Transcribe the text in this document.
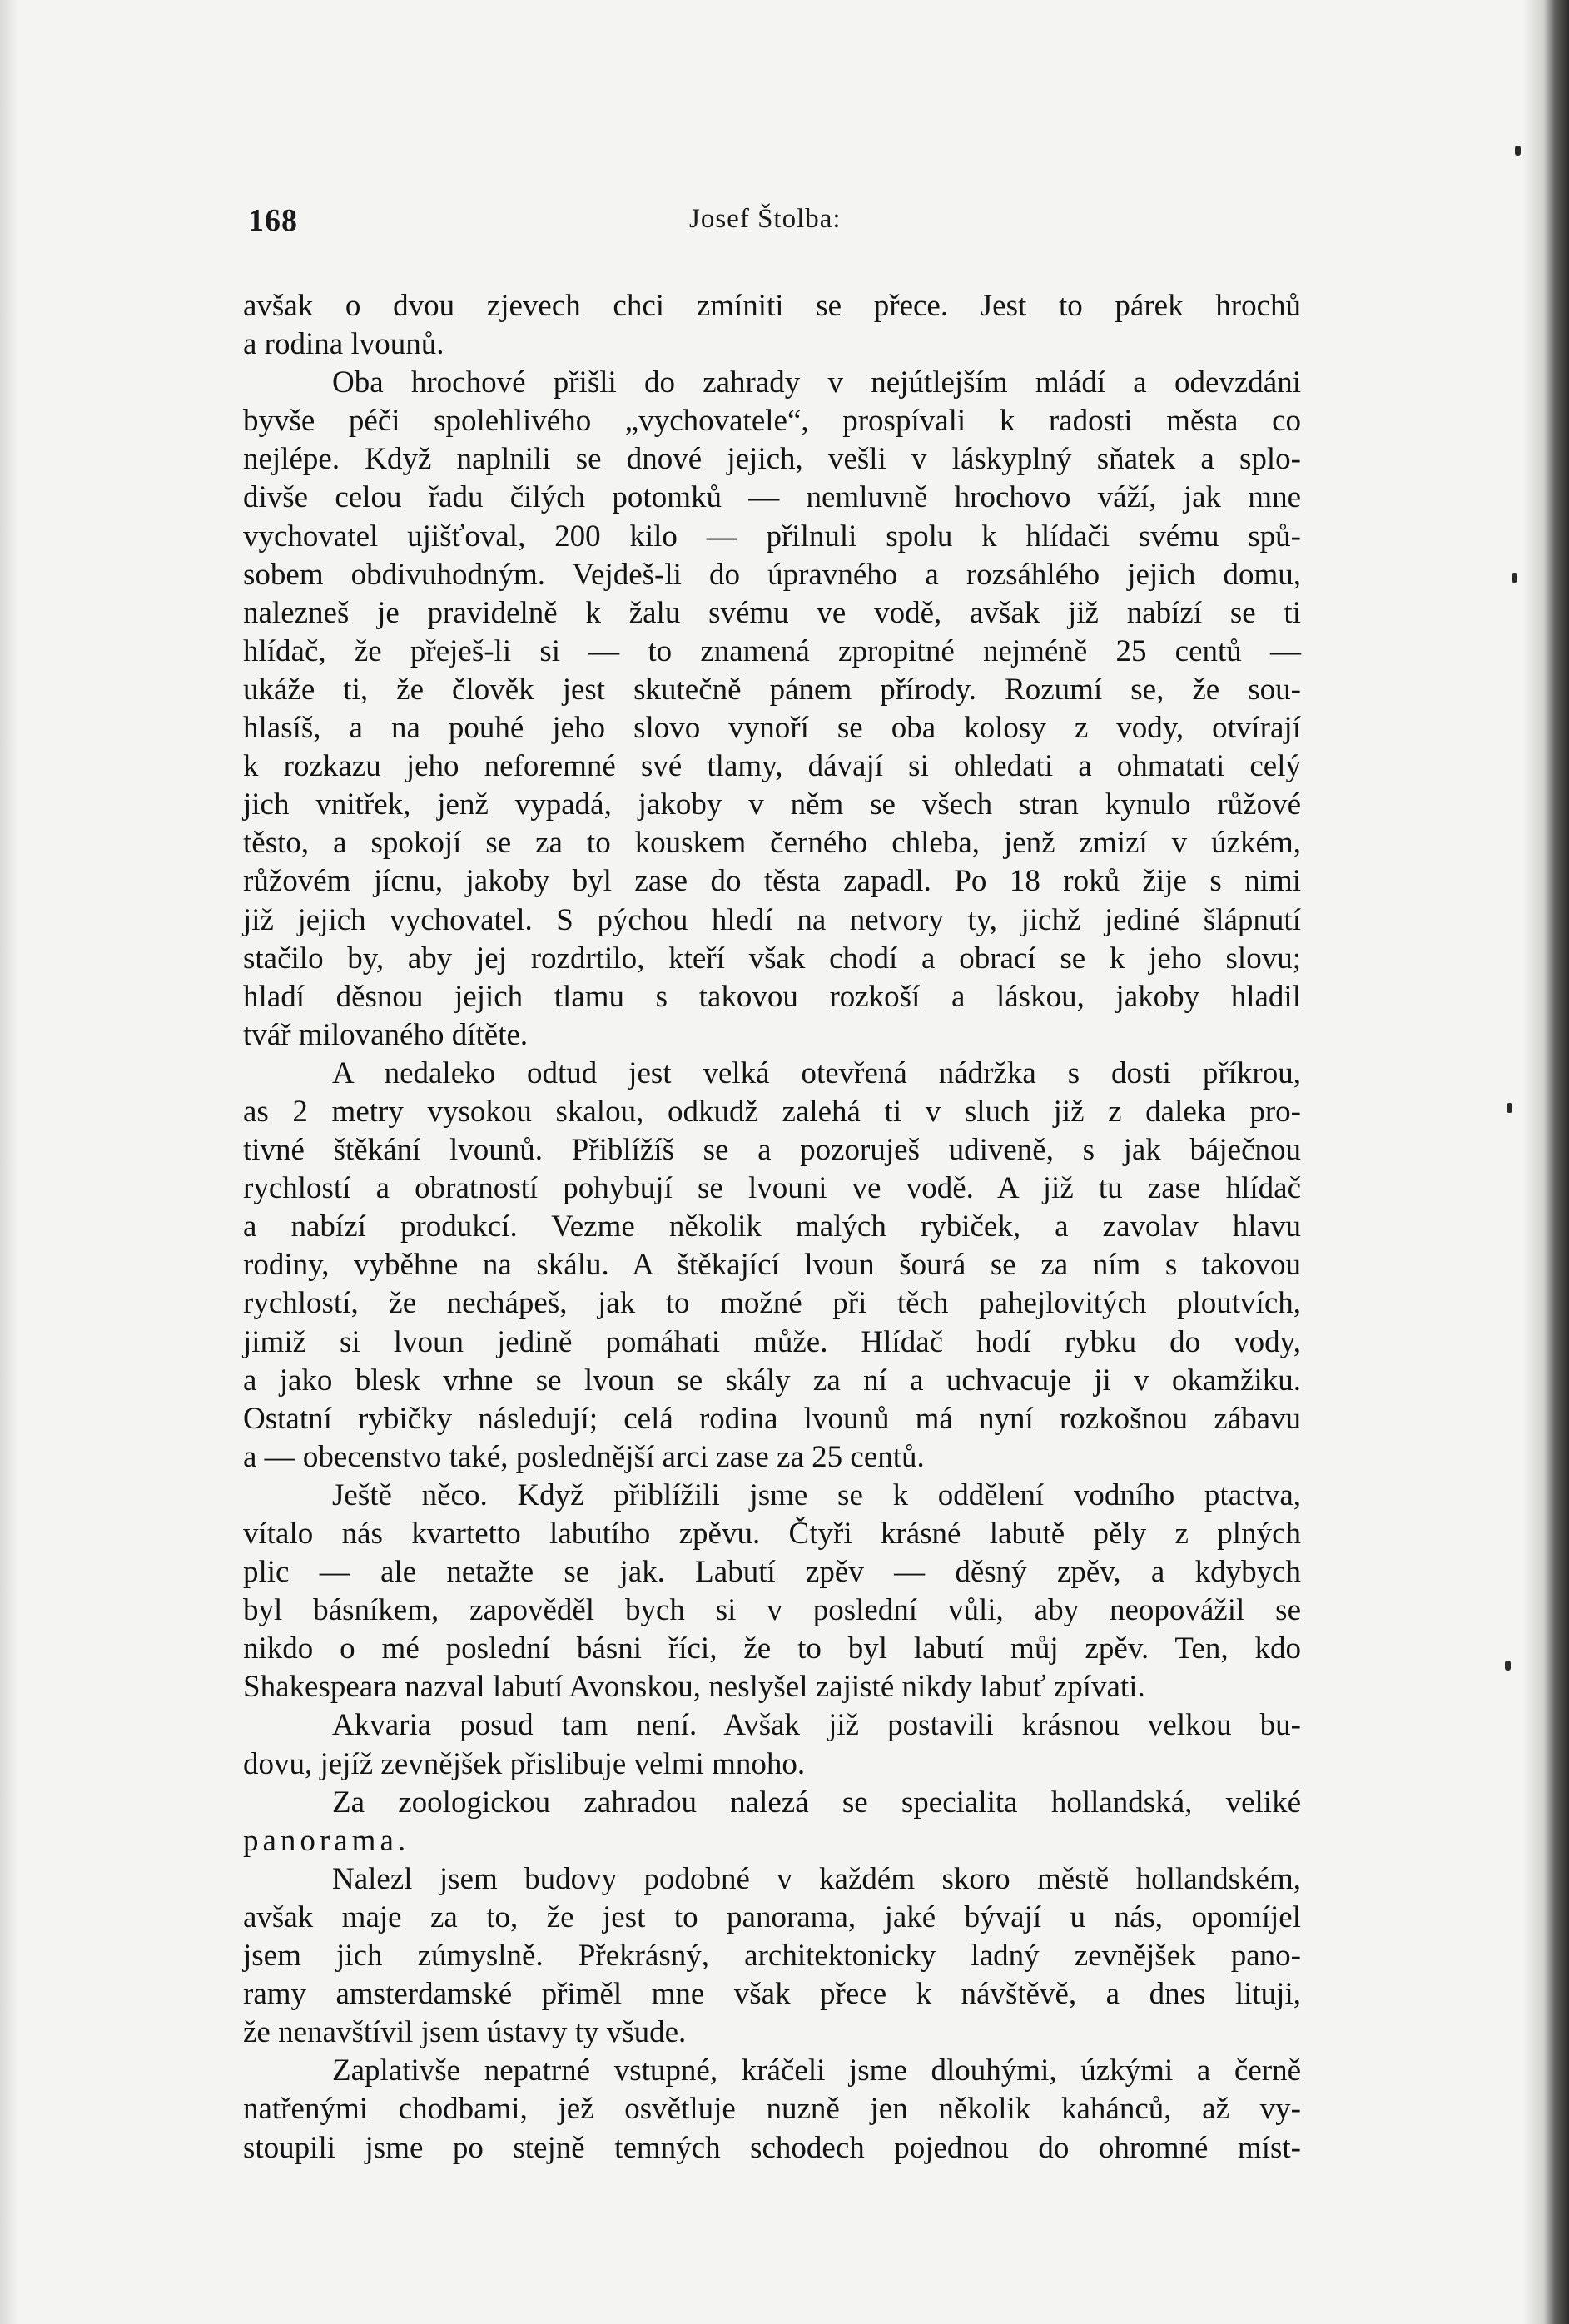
168	Josef Štolba:
avšak o dvou zjevech chci zmíniti se přece. Jest to párek hrochů
a rodina lvounů.
Oba hrochové přišli do zahrady v nejútlejším mládí a odevzdáni
byvše péči spolehlivého „vychovatele“, prospívali k radosti města co
nejlépe. Když naplnili se dnové jejich, vešli v láskyplný sňatek a splo-
divše celou řadu čilých potomků — nemluvně hrochovo váží, jak mne
vychovatel ujišťoval, 200 kilo — přilnuli spolu k hlídači svému spů-
sobem obdivuhodným. Vejdeš-li do úpravného a rozsáhlého jejich domu,
nalezneš je pravidelně k žalu svému ve vodě, avšak již nabízí se ti
hlídač, že přeješ-li si — to znamená zpropitné nejméně 25 centů —
ukáže ti, že člověk jest skutečně pánem přírody. Rozumí se, že sou-
hlasíš, a na pouhé jeho slovo vynoří se oba kolosy z vody, otvírají
k rozkazu jeho neforemné své tlamy, dávají si ohledati a ohmatati celý
jich vnitřek, jenž vypadá, jakoby v něm se všech stran kynulo růžové
těsto, a spokojí se za to kouskem černého chleba, jenž zmizí v úzkém,
růžovém jícnu, jakoby byl zase do těsta zapadl. Po 18 roků žije s nimi
již jejich vychovatel. S pýchou hledí na netvory ty, jichž jediné šlápnutí
stačilo by, aby jej rozdrtilo, kteří však chodí a obrací se k jeho slovu;
hladí děsnou jejich tlamu s takovou rozkoší a láskou, jakoby hladil
tvář milovaného dítěte.
A nedaleko odtud jest velká otevřená nádržka s dosti příkrou,
as 2 metry vysokou skalou, odkudž zalehá ti v sluch již z daleka pro-
tivné štěkání lvounů. Přiblížíš se a pozoruješ udiveně, s jak báječnou
rychlostí a obratností pohybují se lvouni ve vodě. A již tu zase hlídač
a nabízí produkcí. Vezme několik malých rybiček, a zavolav hlavu
rodiny, vyběhne na skálu. A štěkající lvoun šourá se za ním s takovou
rychlostí, že nechápeš, jak to možné při těch pahejlovitých ploutvích,
jimiž si lvoun jedině pomáhati může. Hlídač hodí rybku do vody,
a jako blesk vrhne se lvoun se skály za ní a uchvacuje ji v okamžiku.
Ostatní rybičky následují; celá rodina lvounů má nyní rozkošnou zábavu
a — obecenstvo také, poslednější arci zase za 25 centů.
Ještě něco. Když přiblížili jsme se k oddělení vodního ptactva,
vítalo nás kvartetto labutího zpěvu. Čtyři krásné labutě pěly z plných
plic — ale netažte se jak. Labutí zpěv — děsný zpěv, a kdybych
byl básníkem, zapověděl bych si v poslední vůli, aby neopovážil se
nikdo o mé poslední básni říci, že to byl labutí můj zpěv. Ten, kdo
Shakespeara nazval labutí Avonskou, neslyšel zajisté nikdy labuť zpívati.
Akvaria posud tam není. Avšak již postavili krásnou velkou bu-
dovu, jejíž zevnějšek přislibuje velmi mnoho.
Za zoologickou zahradou nalezá se specialita hollandská, veliké
panorama.
Nalezl jsem budovy podobné v každém skoro městě hollandském,
avšak maje za to, že jest to panorama, jaké bývají u nás, opomíjel
jsem jich zúmyslně. Překrásný, architektonicky ladný zevnějšek pano-
ramy amsterdamské přiměl mne však přece k návštěvě, a dnes lituji,
že nenavštívil jsem ústavy ty všude.
Zaplativše nepatrné vstupné, kráčeli jsme dlouhými, úzkými a černě
natřenými chodbami, jež osvětluje nuzně jen několik kahánců, až vy-
stoupili jsme po stejně temných schodech pojednou do ohromné míst-
